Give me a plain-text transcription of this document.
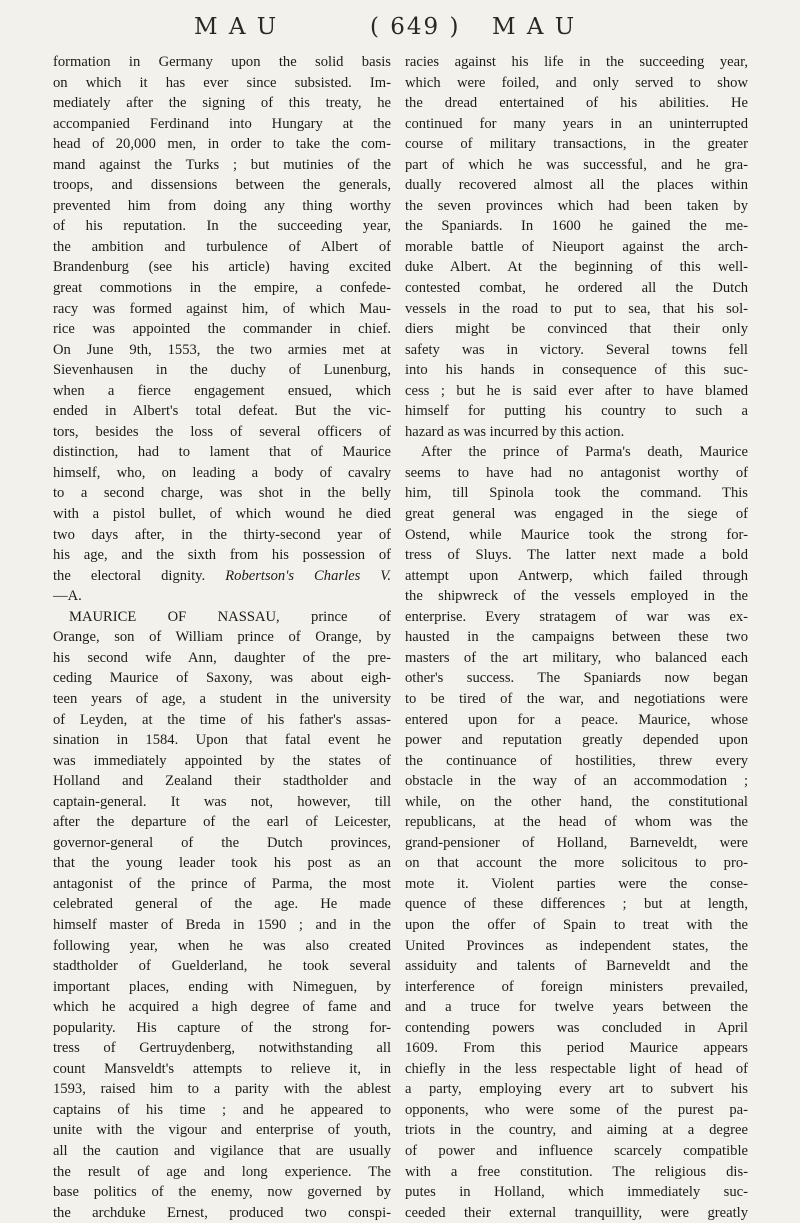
M A U	( 649 ) M A U
formation in Germany upon the solid basis
on which it has ever since subsisted. Im-
mediately after the signing of this treaty, he
accompanied Ferdinand into Hungary at the
head of 20,000 men, in order to take the com-
mand against the Turks ; but mutinies of the
troops, and dissensions between the generals,
prevented him from doing any thing worthy
of his reputation. In the succeeding year,
the ambition and turbulence of Albert of
Brandenburg (see his article) having excited
great commotions in the empire, a confede-
racy was formed against him, of which Mau-
rice was appointed the commander in chief.
On June 9th, 1553, the two armies met at
Sievenhausen in the duchy of Lunenburg,
when a fierce engagement ensued, which
ended in Albert's total defeat. But the vic-
tors, besides the loss of several officers of
distinction, had to lament that of Maurice
himself, who, on leading a body of cavalry
to a second charge, was shot in the belly
with a pistol bullet, of which wound he died
two days after, in the thirty-second year of
his age, and the sixth from his possession of
the electoral dignity. Robertson's Charles V.
—A.
MAURICE OF NASSAU, prince of
Orange, son of William prince of Orange, by
his second wife Ann, daughter of the pre-
ceding Maurice of Saxony, was about eigh-
teen years of age, a student in the university
of Leyden, at the time of his father's assas-
sination in 1584. Upon that fatal event he
was immediately appointed by the states of
Holland and Zealand their stadtholder and
captain-general. It was not, however, till
after the departure of the earl of Leicester,
governor-general of the Dutch provinces,
that the young leader took his post as an
antagonist of the prince of Parma, the most
celebrated general of the age. He made
himself master of Breda in 1590 ; and in the
following year, when he was also created
stadtholder of Guelderland, he took several
important places, ending with Nimeguen, by
which he acquired a high degree of fame and
popularity. His capture of the strong for-
tress of Gertruydenberg, notwithstanding all
count Mansveldt's attempts to relieve it, in
1593, raised him to a parity with the ablest
captains of his time ; and he appeared to
unite with the vigour and enterprise of youth,
all the caution and vigilance that are usually
the result of age and long experience. The
base politics of the enemy, now governed by
the archduke Ernest, produced two conspi-
racies against his life in the succeeding year,
which were foiled, and only served to show
the dread entertained of his abilities. He
continued for many years in an uninterrupted
course of military transactions, in the greater
part of which he was successful, and he gra-
dually recovered almost all the places within
the seven provinces which had been taken by
the Spaniards. In 1600 he gained the me-
morable battle of Nieuport against the arch-
duke Albert. At the beginning of this well-
contested combat, he ordered all the Dutch
vessels in the road to put to sea, that his sol-
diers might be convinced that their only
safety was in victory. Several towns fell
into his hands in consequence of this suc-
cess ; but he is said ever after to have blamed
himself for putting his country to such a
hazard as was incurred by this action.
After the prince of Parma's death, Maurice
seems to have had no antagonist worthy of
him, till Spinola took the command. This
great general was engaged in the siege of
Ostend, while Maurice took the strong for-
tress of Sluys. The latter next made a bold
attempt upon Antwerp, which failed through
the shipwreck of the vessels employed in the
enterprise. Every stratagem of war was ex-
hausted in the campaigns between these two
masters of the art military, who balanced each
other's success. The Spaniards now began
to be tired of the war, and negotiations were
entered upon for a peace. Maurice, whose
power and reputation greatly depended upon
the continuance of hostilities, threw every
obstacle in the way of an accommodation ;
while, on the other hand, the constitutional
republicans, at the head of whom was the
grand-pensioner of Holland, Barneveldt, were
on that account the more solicitous to pro-
mote it. Violent parties were the conse-
quence of these differences ; but at length,
upon the offer of Spain to treat with the
United Provinces as independent states, the
assiduity and talents of Barneveldt and the
interference of foreign ministers prevailed,
and a truce for twelve years between the
contending powers was concluded in April
1609. From this period Maurice appears
chiefly in the less respectable light of head of
a party, employing every art to subvert his
opponents, who were some of the purest pa-
triots in the country, and aiming at a degree
of power and influence scarcely compatible
with a free constitution. The religious dis-
putes in Holland, which immediately suc-
ceeded their external tranquillity, were greatly
